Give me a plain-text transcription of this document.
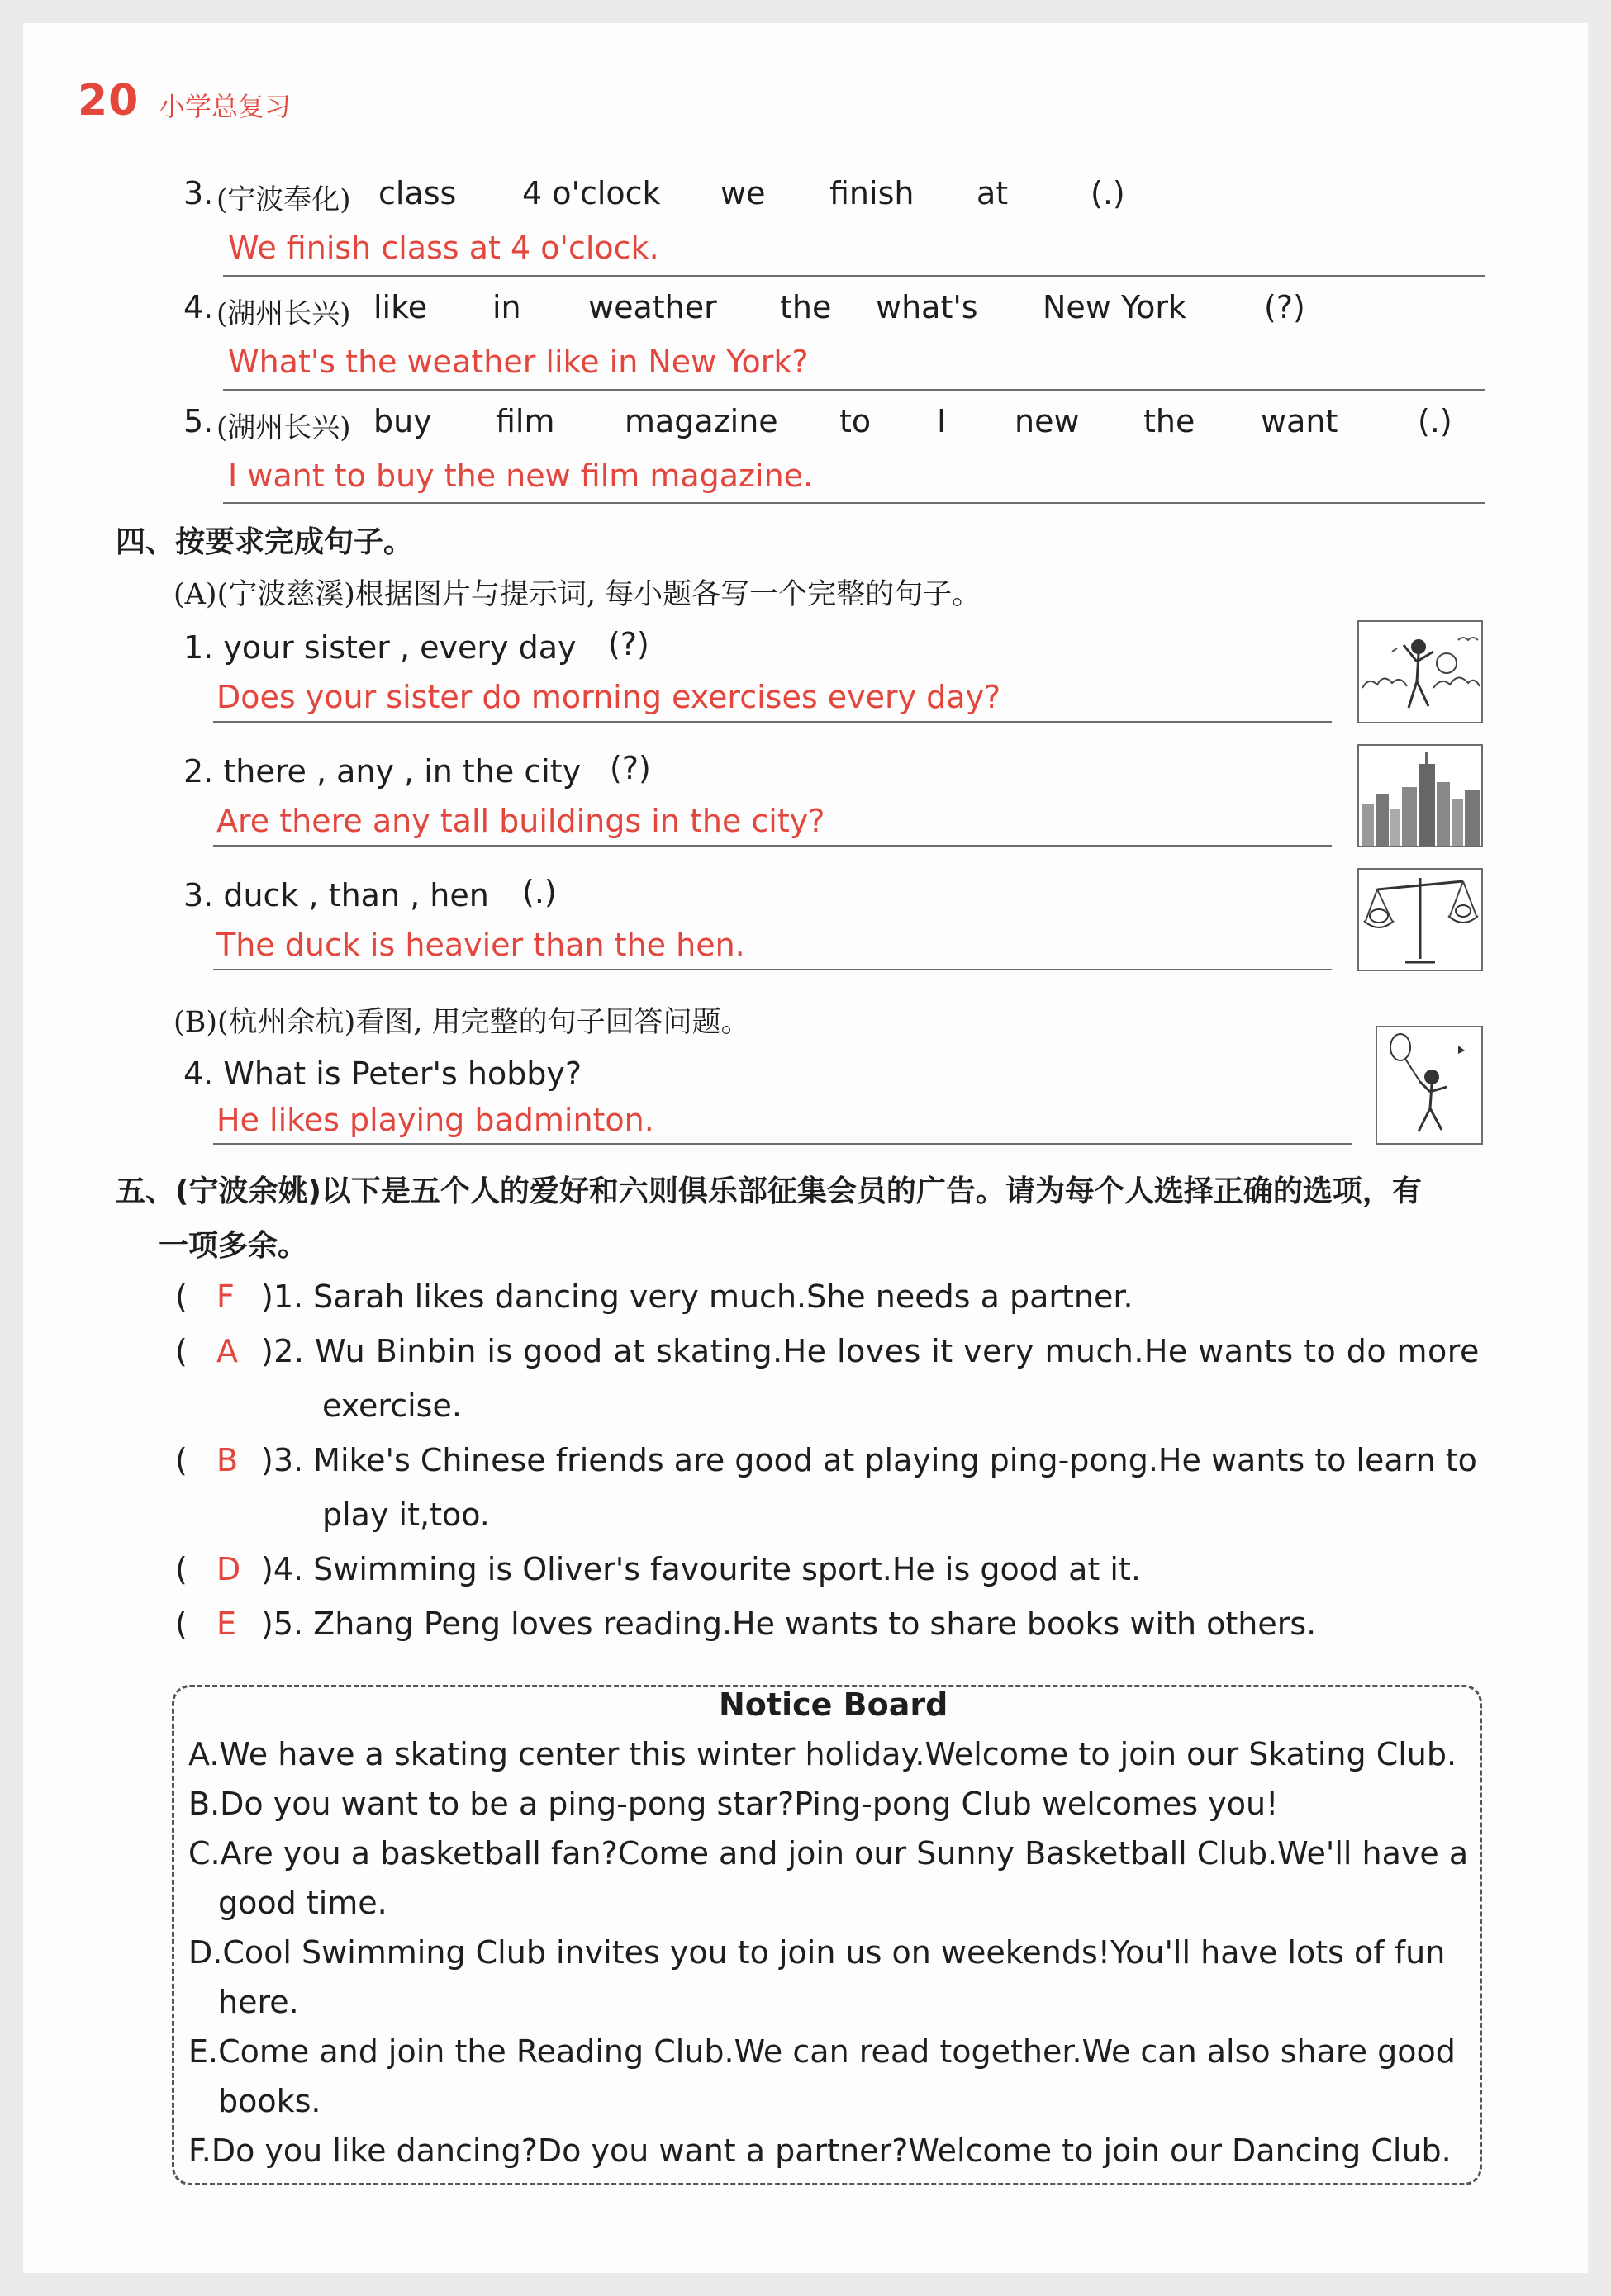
20 小学总复习
3. (宁波奉化) class 4 o'clock we finish at	(.)
We finish class at 4 o'clock.
4. (湖州长兴) like in weather the what's New York (?)
What's the weather like in New York?
5. (湖州长兴) buy film magazine to I new the want	(.)
I want to buy the new film magazine.
四、按要求完成句子。
(A)(宁波慈溪)根据图片与提示词, 每小题各写一个完整的句子。
1. your sister , every day (?)
Does your sister do morning exercises every day?
2. there , any , in the city (?)
Are there any tall buildings in the city?
3. duck , than , hen (.)
The duck is heavier than the hen.
(B)(杭州余杭)看图, 用完整的句子回答问题。
4. What is Peter's hobby?
He likes playing badminton.
五、(宁波余姚)以下是五个人的爱好和六则俱乐部征集会员的广告。请为每个人选择正确的选项，有
一项多余。
( F )1. Sarah likes dancing very much.She needs a partner.
( A )2. Wu Binbin is good at skating.He loves it very much.He wants to do more
exercise.
( B )3. Mike's Chinese friends are good at playing ping-pong.He wants to learn to
play it,too.
( D )4. Swimming is Oliver's favourite sport.He is good at it.
( E )5. Zhang Peng loves reading.He wants to share books with others.
Notice Board
A.We have a skating center this winter holiday.Welcome to join our Skating Club.
B.Do you want to be a ping-pong star?Ping-pong Club welcomes you!
C.Are you a basketball fan?Come and join our Sunny Basketball Club.We'll have a
good time.
D.Cool Swimming Club invites you to join us on weekends!You'll have lots of fun
here.
E.Come and join the Reading Club.We can read together.We can also share good
books.
F.Do you like dancing?Do you want a partner?Welcome to join our Dancing Club.
